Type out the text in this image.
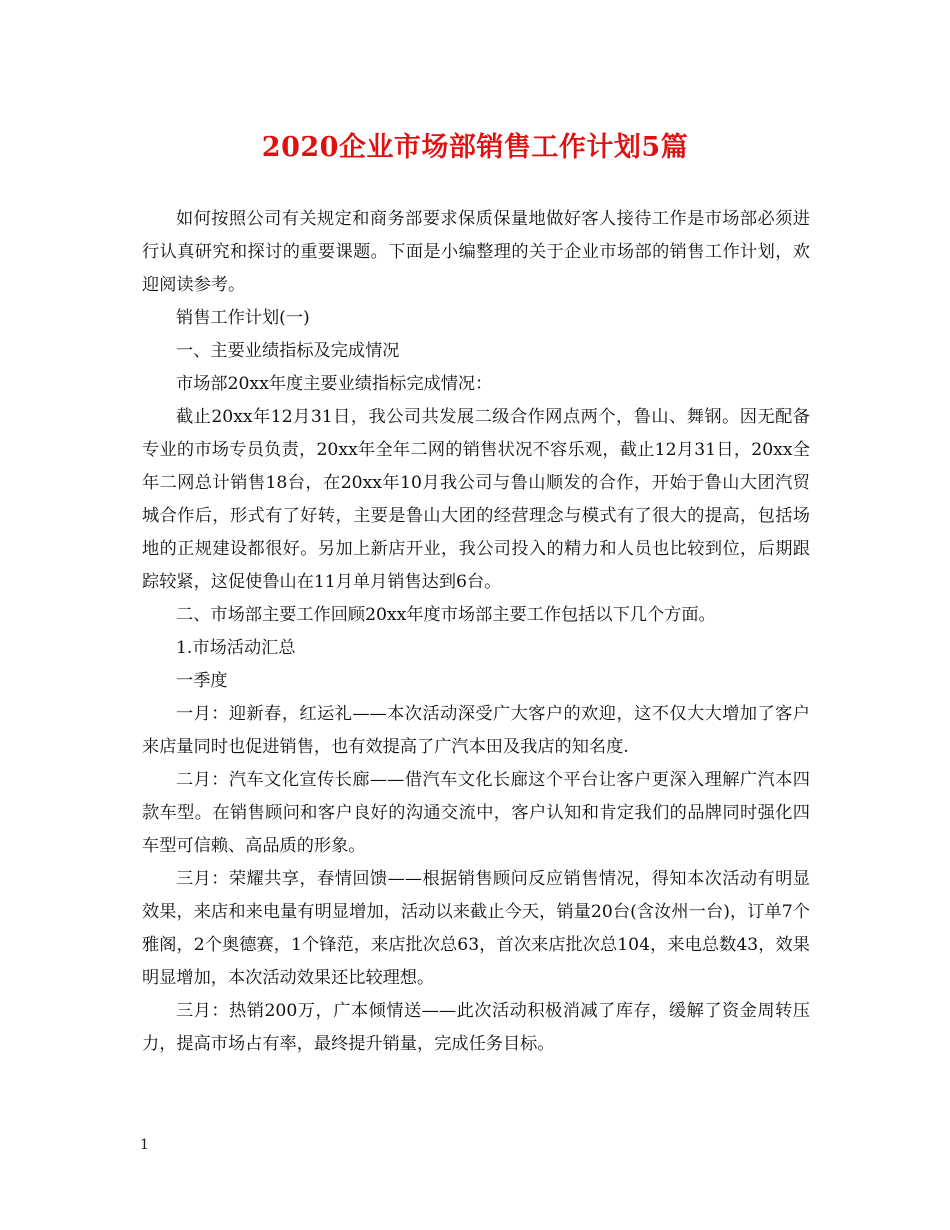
2020企业市场部销售工作计划5篇

如何按照公司有关规定和商务部要求保质保量地做好客人接待工作是市场部必须进行认真研究和探讨的重要课题。下面是小编整理的关于企业市场部的销售工作计划，欢迎阅读参考。

销售工作计划(一)

一、主要业绩指标及完成情况

市场部20xx年度主要业绩指标完成情况：

截止20xx年12月31日，我公司共发展二级合作网点两个，鲁山、舞钢。因无配备专业的市场专员负责，20xx年全年二网的销售状况不容乐观，截止12月31日，20xx全年二网总计销售18台，在20xx年10月我公司与鲁山顺发的合作，开始于鲁山大团汽贸城合作后，形式有了好转，主要是鲁山大团的经营理念与模式有了很大的提高，包括场地的正规建设都很好。另加上新店开业，我公司投入的精力和人员也比较到位，后期跟踪较紧，这促使鲁山在11月单月销售达到6台。

二、市场部主要工作回顾20xx年度市场部主要工作包括以下几个方面。

1.市场活动汇总

一季度

一月：迎新春，红运礼——本次活动深受广大客户的欢迎，这不仅大大增加了客户来店量同时也促进销售，也有效提高了广汽本田及我店的知名度.

二月：汽车文化宣传长廊——借汽车文化长廊这个平台让客户更深入理解广汽本四款车型。在销售顾问和客户良好的沟通交流中，客户认知和肯定我们的品牌同时强化四车型可信赖、高品质的形象。

三月：荣耀共享，春情回馈——根据销售顾问反应销售情况，得知本次活动有明显效果，来店和来电量有明显增加，活动以来截止今天，销量20台(含汝州一台)，订单7个雅阁，2个奥德赛，1个锋范，来店批次总63，首次来店批次总104，来电总数43，效果明显增加，本次活动效果还比较理想。

三月：热销200万，广本倾情送——此次活动积极消减了库存，缓解了资金周转压力，提高市场占有率，最终提升销量，完成任务目标。

1
